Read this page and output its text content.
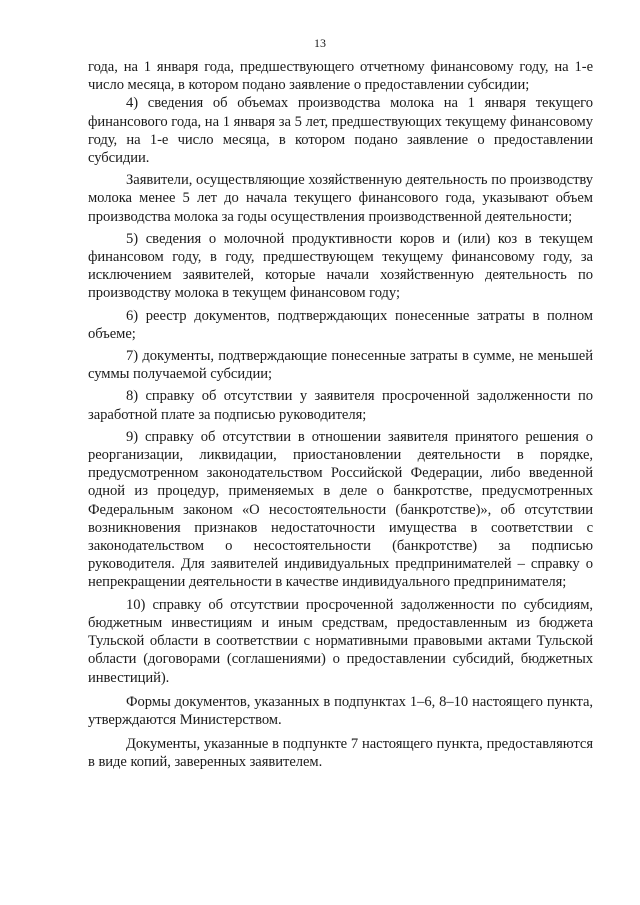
13

года, на 1 января года, предшествующего отчетному финансовому году, на 1-е число месяца, в котором подано заявление о предоставлении субсидии;

4) сведения об объемах производства молока на 1 января текущего финансового года, на 1 января за 5 лет, предшествующих текущему финансовому году, на 1-е число месяца, в котором подано заявление о предоставлении субсидии.

Заявители, осуществляющие хозяйственную деятельность по производству молока менее 5 лет до начала текущего финансового года, указывают объем производства молока за годы осуществления производственной деятельности;

5) сведения о молочной продуктивности коров и (или) коз в текущем финансовом году, в году, предшествующем текущему финансовому году, за исключением заявителей, которые начали хозяйственную деятельность по производству молока в текущем финансовом году;

6) реестр документов, подтверждающих понесенные затраты в полном объеме;

7) документы, подтверждающие понесенные затраты в сумме, не меньшей суммы получаемой субсидии;

8) справку об отсутствии у заявителя просроченной задолженности по заработной плате за подписью руководителя;

9) справку об отсутствии в отношении заявителя принятого решения о реорганизации, ликвидации, приостановлении деятельности в порядке, предусмотренном законодательством Российской Федерации, либо введенной одной из процедур, применяемых в деле о банкротстве, предусмотренных Федеральным законом «О несостоятельности (банкротстве)», об отсутствии возникновения признаков недостаточности имущества в соответствии с законодательством о несостоятельности (банкротстве) за подписью руководителя. Для заявителей индивидуальных предпринимателей – справку о непрекращении деятельности в качестве индивидуального предпринимателя;

10) справку об отсутствии просроченной задолженности по субсидиям, бюджетным инвестициям и иным средствам, предоставленным из бюджета Тульской области в соответствии с нормативными правовыми актами Тульской области (договорами (соглашениями) о предоставлении субсидий, бюджетных инвестиций).

Формы документов, указанных в подпунктах 1–6, 8–10 настоящего пункта, утверждаются Министерством.

Документы, указанные в подпункте 7 настоящего пункта, предоставляются в виде копий, заверенных заявителем.
